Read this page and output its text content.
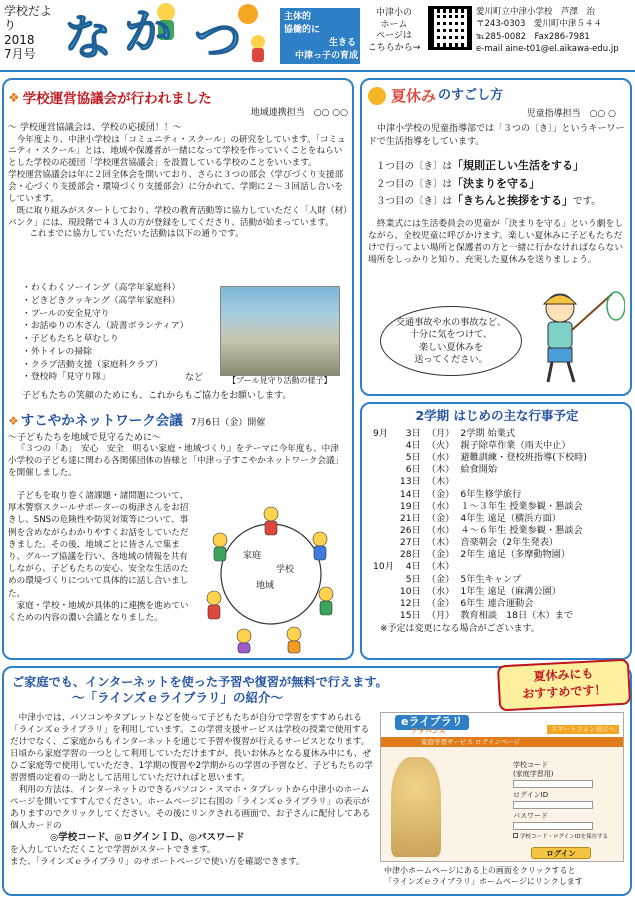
学校だより
2018
7月号 な か つ	主体的
協働的に
生きる
中津っ子の育成
中津小の
ホーム
ページは
こちらから→
愛川町立中津小学校　芦澤　治
〒243-0303　愛川町中津５４４
℡285-0082　Fax286-7981
e-mail aine-t01@el.aikawa-edu.jp
❖ 学校運営協議会が行われました
地域連携担当　○○ ○○
～ 学校運営協議会は、学校の応援団！！～

今年度より、中津小学校は「コミュニティ・スクール」の研究をしています。「コミュニティ・スクール」とは、地域や保護者が一緒になって学校を作っていくことをねらいとした学校の応援団「学校運営協議会」を設置している学校のことをいいます。

学校運営協議会は年に２回全体会を開いており、さらに３つの部会（学びづくり支援部会・心づくり支援部会・環境づくり支援部会）に分かれて、学期に２～３回話し合いをしています。

既に取り組みがスタートしており、学校の教育活動等に協力していただく「人財（材）バンク」には、現段階で４３人の方が登録をしてくださり、活動が始まっています。

これまでに協力していただいた活動は以下の通りです。

・ わくわくソーイング（高学年家庭科）
・ どきどきクッキング（高学年家庭科）
・ プールの安全見守り
・ お話ゆりの木さん（読書ボランティア）
・ 子どもたちと草むしり
・ 外トイレの掃除
・ クラブ活動支援（家庭科クラブ）
・ 登校時「見守り隊」	など	【プール見守り活動の様子】
子どもたちの笑顔のためにも、これからもご協力をお願いします。
❖ すこやかネットワーク会議 7月6日（金）開催
～子どもたちを地域で見守るために～

『３つの「あ」　安心　安全　明るい家庭・地域づくり』をテーマに今年度も、中津小学校の子ども達に関わる各関係団体の皆様と「中津っ子すこやかネットワーク会議」を開催しました。

子どもを取り巻く諸課題・諸問題について、厚木警察スクールサポーターの梅津さんをお招きし、SNSの危険性や防災対策等について、事例を含めながらわかりやすくお話をしていただきました。その後、地域ごとに皆さんで集まり、グループ協議を行い、各地域の情報を共有しながら、子どもたちの安心、安全な生活のための環境づくりについて具体的に話し合いました。

家庭・学校・地域が具体的に連携を進めていくための内容の濃い会議となりました。

家庭
学校
地域
夏休み のすごし方
児童指導担当　○○ ○

中津小学校の児童指導部では「３つの〔き〕」というキーワードで生活指導をしています。

１つ目の〔き〕は「規則正しい生活をする」
２つ目の〔き〕は「決まりを守る」
３つ目の〔き〕は「きちんと挨拶をする」です。

終業式には生活委員会の児童が「決まりを守る」という劇をしながら、全校児童に呼びかけます。楽しい夏休みに子どもたちだけで行ってよい場所と保護者の方と一緒に行かなければならない場所をしっかりと知り、充実した夏休みを送りましょう。

交通事故や水の事故など、
十分に気をつけて、
楽しい夏休みを
送ってください。
2学期 はじめの主な行事予定
9月	3日	（月）	2学期 始業式
	4日	（火）	親子除草作業（雨天中止）
	5日	（水）	避難訓練・登校班指導(下校時)
	6日	（木）	給食開始
	13日	（木）	
	14日	（金）	6年生修学旅行
	19日	（水）	１～３年生 授業参観・懇談会
	21日	（金）	4年生 遠足（横浜方面）
	26日	（水）	４～６年生 授業参観・懇談会
	27日	（木）	音楽朝会（2年生発表）
	28日	（金）	2年生 遠足（多摩動物園）
10月	4日	（木）	
	5日	（金）	5年生キャンプ
	10日	（水）	1年生 遠足（麻溝公園）
	12日	（金）	6年生 連合運動会
	15日	（月）	教育相談　18日（木）まで
※予定は変更になる場合がございます。
ご家庭でも、インターネットを使った予習や復習が無料で行えます。
～「ラインズｅライブラリ」の紹介～
夏休みにも
おすすめです！

中津小では、パソコンやタブレットなどを使って子どもたちが自分で学習をすすめられる「ラインズｅライブラリ」を利用しています。この学習支援サービスは学校の授業で使用するだけでなく、ご家庭からもインターネットを通じて予習や復習が行えるサービスとなります。日頃から家庭学習の一つとして利用していただけますが、長いお休みとなる夏休み中にも、ぜひご家庭等で使用していただき、1学期の復習や2学期からの学習の予習など、子どもたちの学習習慣の定着の一助として活用していただければと思います。

利用の方法は、インターネットのできるパソコン・スマホ・タブレットから中津小のホームページを開いてすすんでください。ホームページに右図の「ラインズｅライブラリ」の表示がありますのでクリックしてください。その後にリンクされる画面で、お子さんに配付してある個人カードの

◎学校コード、◎ログインＩＤ、◎パスワード
を入力していただくことで学習がスタートできます。
また、「ラインズｅライブラリ」のサポートページで使い方を確認できます。
eライブラリ
アドバンス	スマートフォン表示へ
家庭学習サービス ログインページ
学校コード
(家庭学習用)
ログインID
パスワード
学校コード・ログインIDを保存する
ログイン
中津小ホームページにある上の画面をクリックすると
「ラインズｅライブラリ」ホームページにリンクします
